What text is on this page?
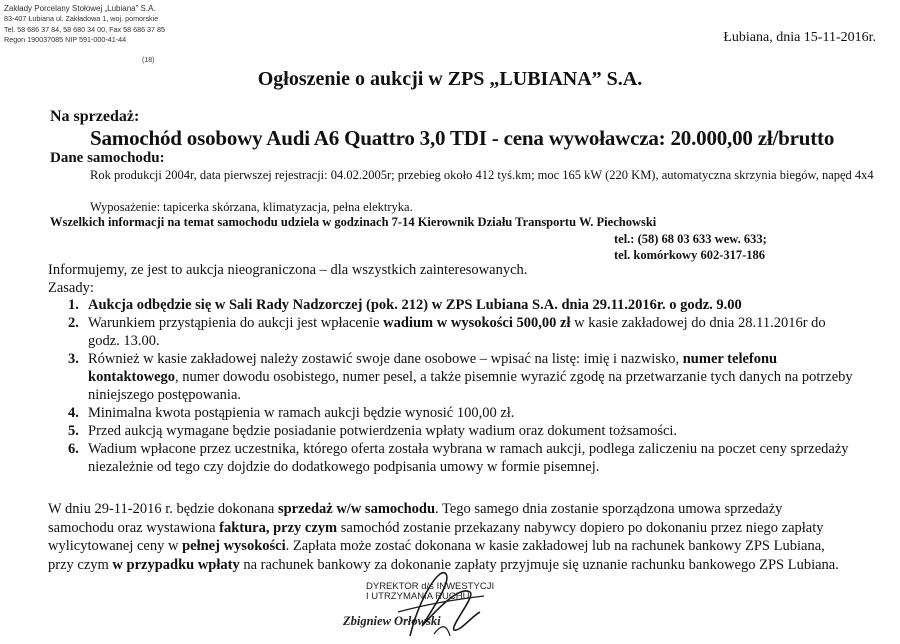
Zakłady Porcelany Stołowej „Lubiana” S.A.
83-407 Łubiana ul. Zakładowa 1, woj. pomorskie
Tel. 58 686 37 84, 58 680 34 00, Fax 58 686 37 85
Regon 190037085 NIP 591-000-41-44
(18)
Łubiana, dnia 15-11-2016r.
Ogłoszenie o aukcji w ZPS „LUBIANA” S.A.
Na sprzedaż:
Samochód osobowy Audi A6 Quattro 3,0 TDI - cena wywoławcza: 20.000,00 zł/brutto
Dane samochodu:
Rok produkcji 2004r, data pierwszej rejestracji: 04.02.2005r; przebieg około 412 tyś.km; moc 165 kW (220 KM), automatyczna skrzynia biegów, napęd 4x4
Wyposażenie: tapicerka skórzana, klimatyzacja, pełna elektryka.
Wszelkich informacji na temat samochodu udziela w godzinach 7-14 Kierownik Działu Transportu W. Piechowski
tel.: (58) 68 03 633 wew. 633;
tel. komórkowy 602-317-186
Informujemy, ze jest to aukcja nieograniczona – dla wszystkich zainteresowanych.
Zasady:
1. Aukcja odbędzie się w Sali Rady Nadzorczej (pok. 212) w ZPS Lubiana S.A. dnia 29.11.2016r. o godz. 9.00
2. Warunkiem przystąpienia do aukcji jest wpłacenie wadium w wysokości 500,00 zł w kasie zakładowej do dnia 28.11.2016r do godz. 13.00.
3. Również w kasie zakładowej należy zostawić swoje dane osobowe – wpisać na listę: imię i nazwisko, numer telefonu kontaktowego, numer dowodu osobistego, numer pesel, a także pisemnie wyrazić zgodę na przetwarzanie tych danych na potrzeby niniejszego postępowania.
4. Minimalna kwota postąpienia w ramach aukcji będzie wynosić 100,00 zł.
5. Przed aukcją wymagane będzie posiadanie potwierdzenia wpłaty wadium oraz dokument tożsamości.
6. Wadium wpłacone przez uczestnika, którego oferta została wybrana w ramach aukcji, podlega zaliczeniu na poczet ceny sprzedaży niezależnie od tego czy dojdzie do dodatkowego podpisania umowy w formie pisemnej.
W dniu 29-11-2016 r. będzie dokonana sprzedaż w/w samochodu. Tego samego dnia zostanie sporządzona umowa sprzedaży samochodu oraz wystawiona faktura, przy czym samochód zostanie przekazany nabywcy dopiero po dokonaniu przez niego zapłaty wylicytowanej ceny w pełnej wysokości. Zapłata może zostać dokonana w kasie zakładowej lub na rachunek bankowy ZPS Lubiana, przy czym w przypadku wpłaty na rachunek bankowy za dokonanie zapłaty przyjmuje się uznanie rachunku bankowego ZPS Lubiana.
DYREKTOR d/s INWESTYCJI
I UTRZYMANIA RUCHU
Zbigniew Orłowski
